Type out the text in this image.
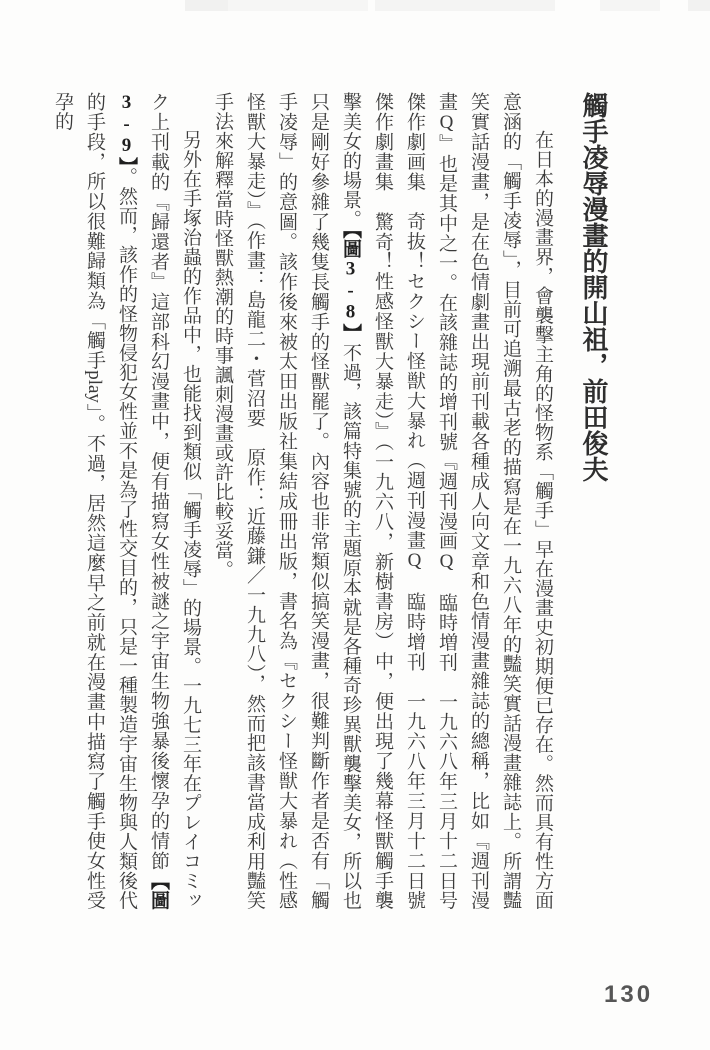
觸手凌辱漫畫的開山祖，前田俊夫

在日本的漫畫界，會襲擊主角的怪物系「觸手」早在漫畫史初期便已存在。然而具有性方面意涵的「觸手凌辱」，目前可追溯最古老的描寫是在一九六八年的豔笑實話漫畫雜誌上。所謂豔笑實話漫畫，是在色情劇畫出現前刊載各種成人向文章和色情漫畫雜誌的總稱，比如『週刊漫畫Q』也是其中之一。在該雜誌的增刊號『週刊漫画Q　臨時増刊　一九六八年三月十二日号　傑作劇画集　奇抜！セクシー怪獣大暴れ（週刊漫畫Q　臨時增刊　一九六八年三月十二日號　傑作劇畫集　驚奇！性感怪獸大暴走）』（一九六八，新樹書房）中，便出現了幾幕怪獸觸手襲擊美女的場景。【圖3-8】不過，該篇特集號的主題原本就是各種奇珍異獸襲擊美女，所以也只是剛好參雜了幾隻長觸手的怪獸罷了。內容也非常類似搞笑漫畫，很難判斷作者是否有「觸手凌辱」的意圖。該作後來被太田出版社集結成冊出版，書名為『セクシー怪獣大暴れ（性感怪獸大暴走）』（作畫：島龍二・菅沼要　原作：近藤鎌／一九九八），然而把該書當成利用豔笑手法來解釋當時怪獸熱潮的時事諷刺漫畫或許比較妥當。

另外在手塚治蟲的作品中，也能找到類似「觸手凌辱」的場景。一九七三年在プレイコミック上刊載的『歸還者』這部科幻漫畫中，便有描寫女性被謎之宇宙生物強暴後懷孕的情節【圖3-9】。然而，該作的怪物侵犯女性並不是為了性交目的，只是一種製造宇宙生物與人類後代的手段，所以很難歸類為「觸手play」。不過，居然這麼早之前就在漫畫中描寫了觸手使女性受孕的

130
